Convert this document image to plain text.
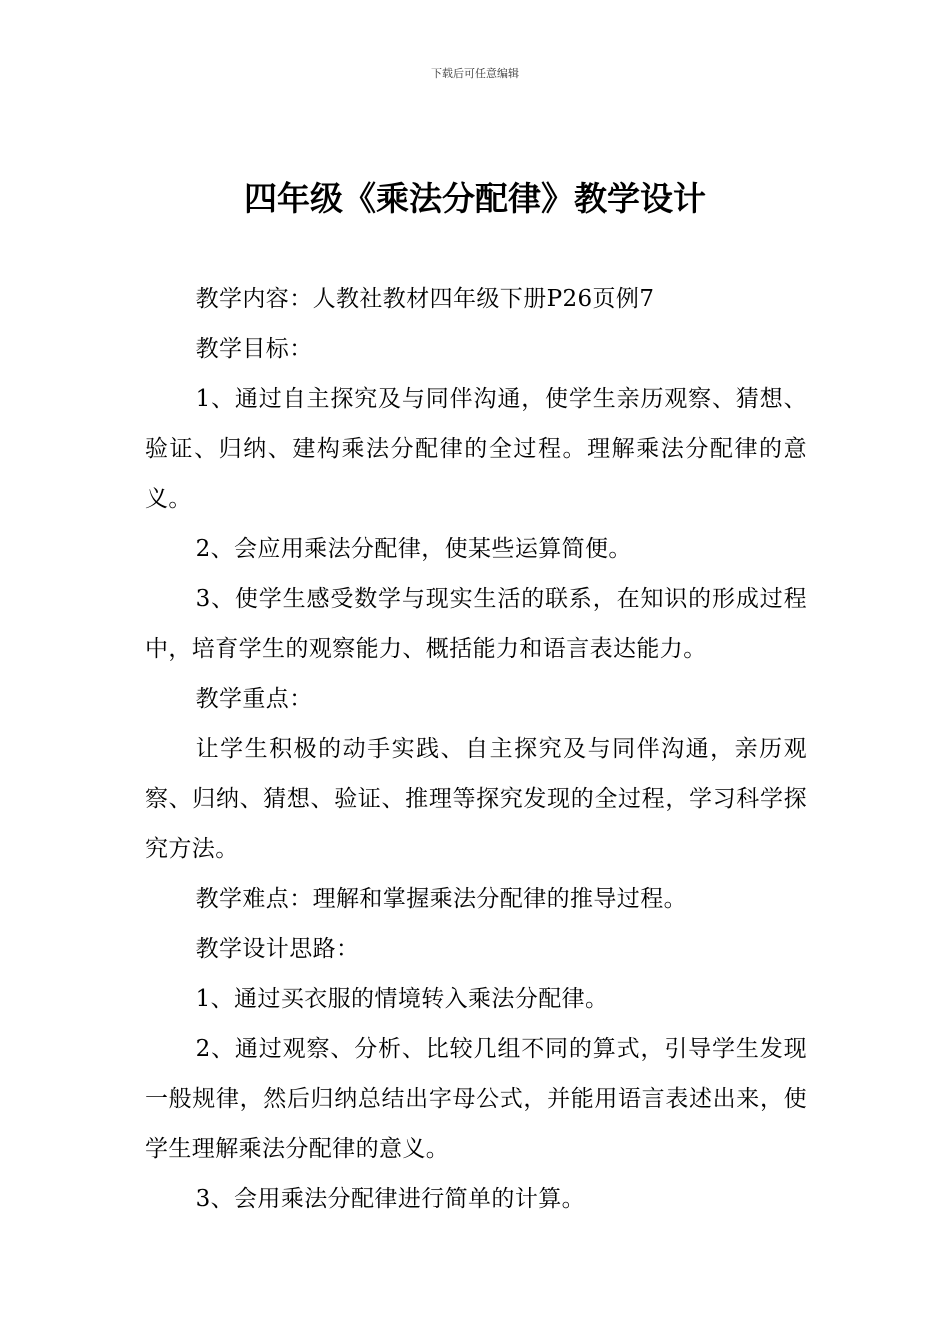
下载后可任意编辑
四年级《乘法分配律》教学设计

教学内容：人教社教材四年级下册P26页例7

教学目标：

1、通过自主探究及与同伴沟通，使学生亲历观察、猜想、验证、归纳、建构乘法分配律的全过程。理解乘法分配律的意义。

2、会应用乘法分配律，使某些运算简便。

3、使学生感受数学与现实生活的联系，在知识的形成过程中，培育学生的观察能力、概括能力和语言表达能力。

教学重点：

让学生积极的动手实践、自主探究及与同伴沟通，亲历观察、归纳、猜想、验证、推理等探究发现的全过程，学习科学探究方法。

教学难点：理解和掌握乘法分配律的推导过程。

教学设计思路：

1、通过买衣服的情境转入乘法分配律。

2、通过观察、分析、比较几组不同的算式，引导学生发现一般规律，然后归纳总结出字母公式，并能用语言表述出来，使学生理解乘法分配律的意义。

3、会用乘法分配律进行简单的计算。
